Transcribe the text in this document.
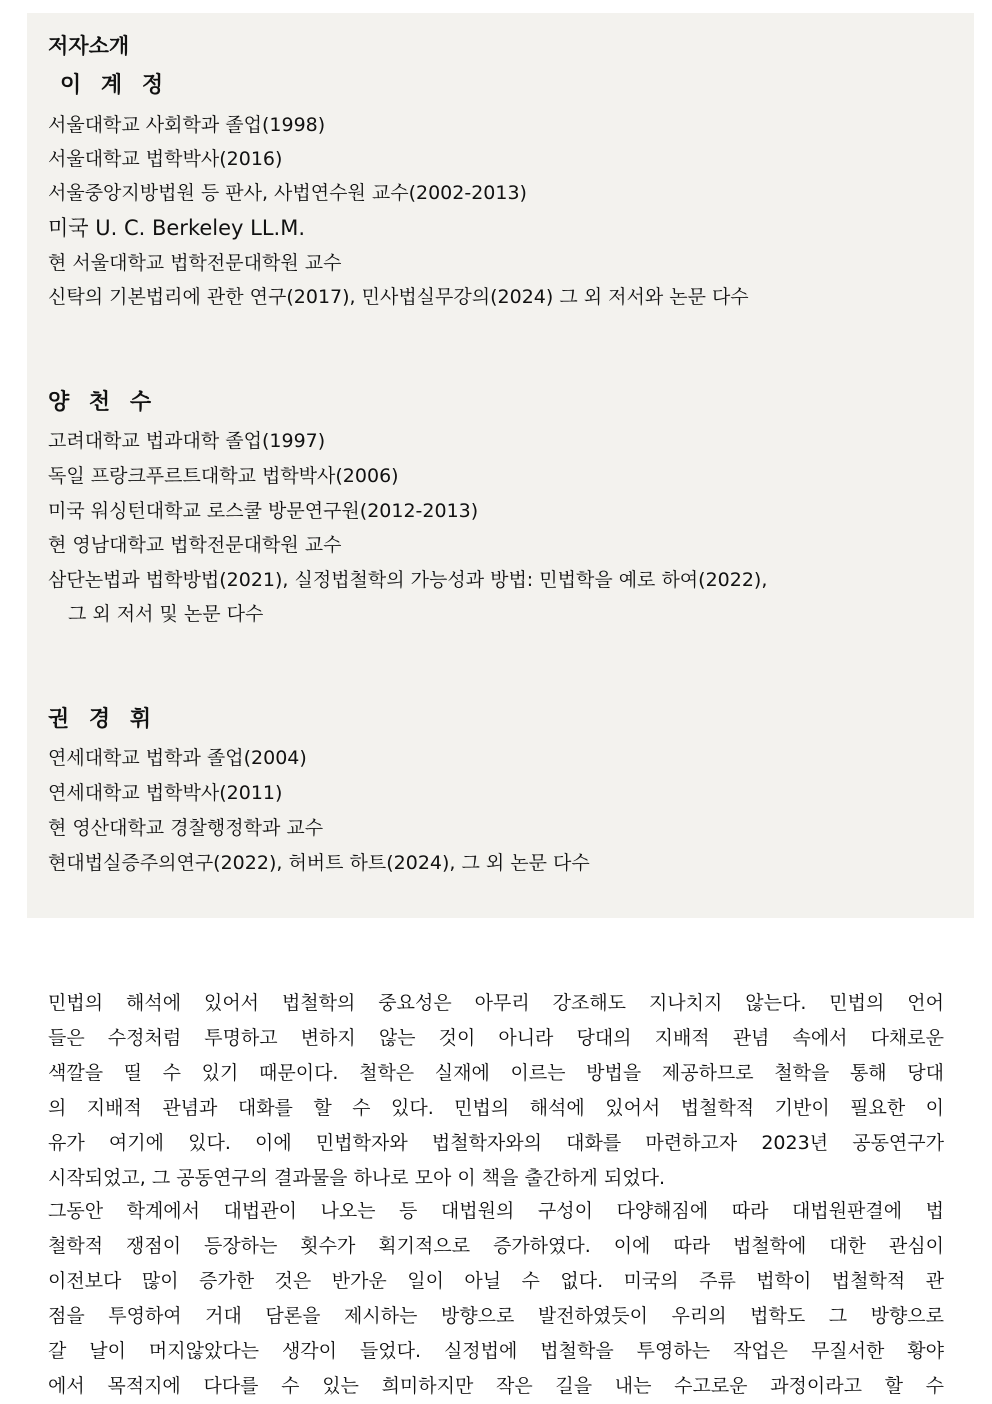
저자소개
이 계 정
서울대학교 사회학과 졸업(1998)
서울대학교 법학박사(2016)
서울중앙지방법원 등 판사, 사법연수원 교수(2002-2013)
미국 U. C. Berkeley LL.M.
현 서울대학교 법학전문대학원 교수
신탁의 기본법리에 관한 연구(2017), 민사법실무강의(2024) 그 외 저서와 논문 다수
양 천 수
고려대학교 법과대학 졸업(1997)
독일 프랑크푸르트대학교 법학박사(2006)
미국 워싱턴대학교 로스쿨 방문연구원(2012-2013)
현 영남대학교 법학전문대학원 교수
삼단논법과 법학방법(2021), 실정법철학의 가능성과 방법: 민법학을 예로 하여(2022),
그 외 저서 및 논문 다수
권 경 휘
연세대학교 법학과 졸업(2004)
연세대학교 법학박사(2011)
현 영산대학교 경찰행정학과 교수
현대법실증주의연구(2022), 허버트 하트(2024), 그 외 논문 다수
민법의 해석에 있어서 법철학의 중요성은 아무리 강조해도 지나치지 않는다. 민법의 언어
들은 수정처럼 투명하고 변하지 않는 것이 아니라 당대의 지배적 관념 속에서 다채로운
색깔을 띨 수 있기 때문이다. 철학은 실재에 이르는 방법을 제공하므로 철학을 통해 당대
의 지배적 관념과 대화를 할 수 있다. 민법의 해석에 있어서 법철학적 기반이 필요한 이
유가 여기에 있다. 이에 민법학자와 법철학자와의 대화를 마련하고자 2023년 공동연구가
시작되었고, 그 공동연구의 결과물을 하나로 모아 이 책을 출간하게 되었다.
그동안 학계에서 대법관이 나오는 등 대법원의 구성이 다양해짐에 따라 대법원판결에 법
철학적 쟁점이 등장하는 횟수가 획기적으로 증가하였다. 이에 따라 법철학에 대한 관심이
이전보다 많이 증가한 것은 반가운 일이 아닐 수 없다. 미국의 주류 법학이 법철학적 관
점을 투영하여 거대 담론을 제시하는 방향으로 발전하였듯이 우리의 법학도 그 방향으로
갈 날이 머지않았다는 생각이 들었다. 실정법에 법철학을 투영하는 작업은 무질서한 황야
에서 목적지에 다다를 수 있는 희미하지만 작은 길을 내는 수고로운 과정이라고 할 수
